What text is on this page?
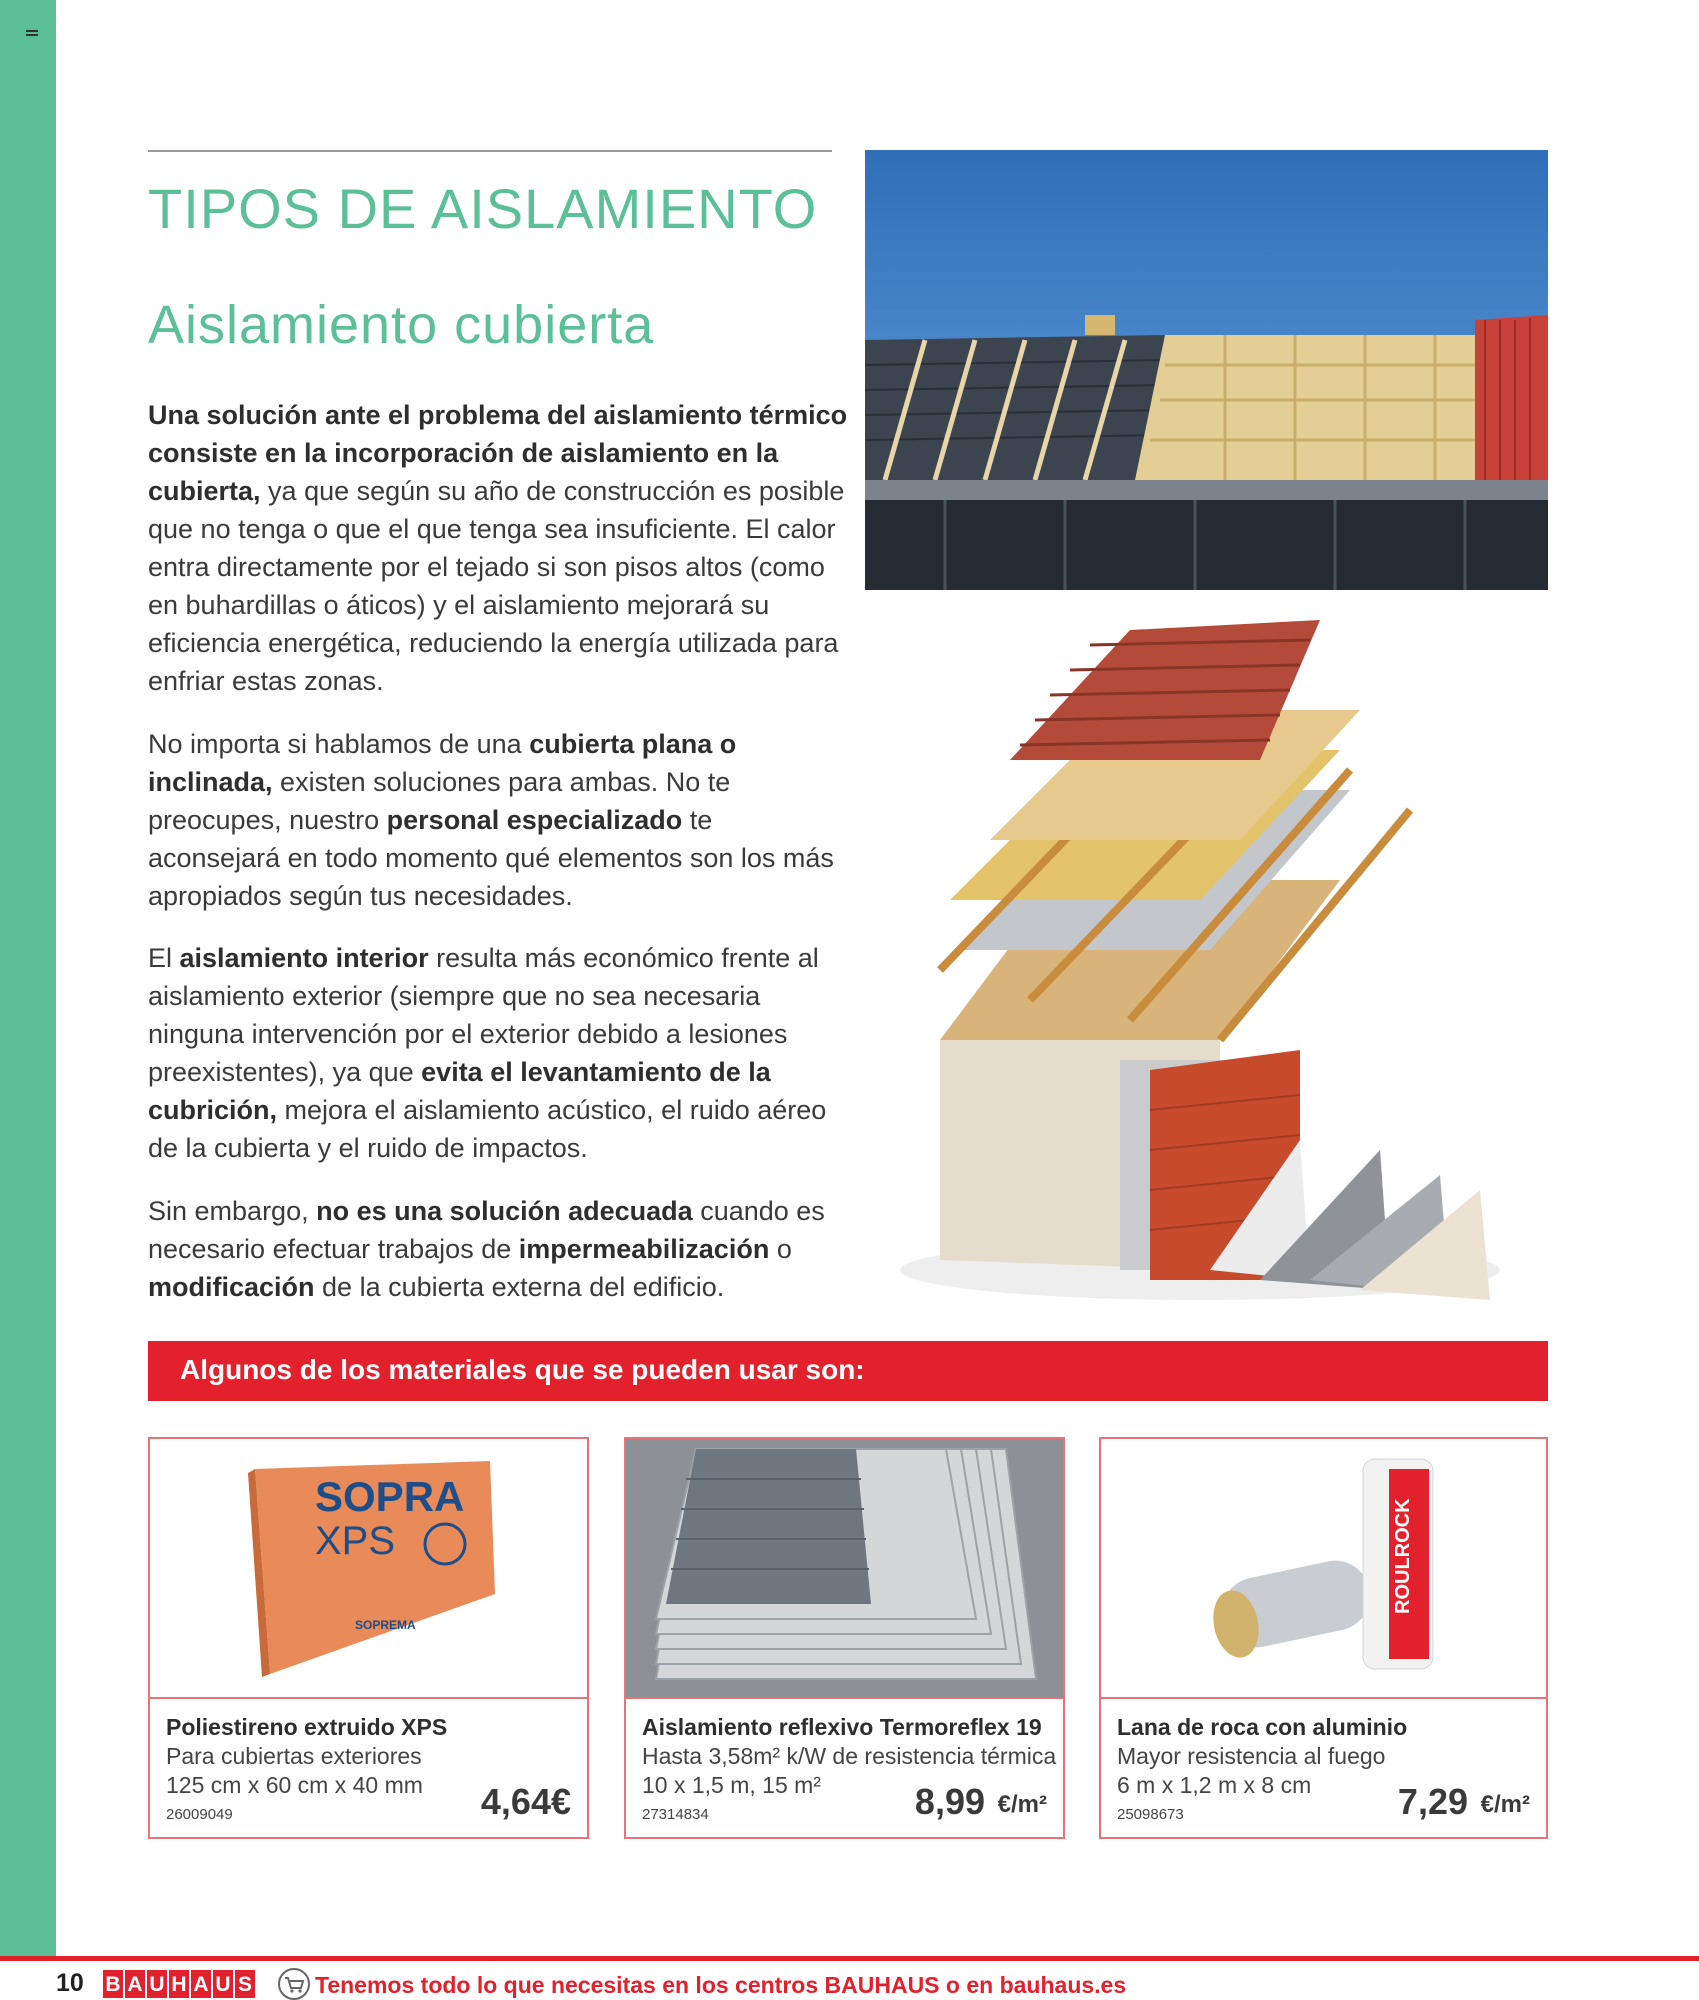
TIPOS DE AISLAMIENTO
Aislamiento cubierta

Una solución ante el problema del aislamiento térmico consiste en la incorporación de aislamiento en la cubierta, ya que según su año de construcción es posible que no tenga o que el que tenga sea insuficiente. El calor entra directamente por el tejado si son pisos altos (como en buhardillas o áticos) y el aislamiento mejorará su eficiencia energética, reduciendo la energía utilizada para enfriar estas zonas.

No importa si hablamos de una cubierta plana o inclinada, existen soluciones para ambas. No te preocupes, nuestro personal especializado te aconsejará en todo momento qué elementos son los más apropiados según tus necesidades.

El aislamiento interior resulta más económico frente al aislamiento exterior (siempre que no sea necesaria ninguna intervención por el exterior debido a lesiones preexistentes), ya que evita el levantamiento de la cubrición, mejora el aislamiento acústico, el ruido aéreo de la cubierta y el ruido de impactos.

Sin embargo, no es una solución adecuada cuando es necesario efectuar trabajos de impermeabilización o modificación de la cubierta externa del edificio.

Algunos de los materiales que se pueden usar son:
SOPRA
XPS
SOPREMA
Poliestireno extruido XPS
Para cubiertas exteriores
125 cm x 60 cm x 40 mm
26009049	4,64€
Aislamiento reflexivo Termoreflex 19
Hasta 3,58m² k/W de resistencia térmica
10 x 1,5 m, 15 m²
27314834	8,99 €/m²
ROULROCK
Lana de roca con aluminio
Mayor resistencia al fuego
6 m x 1,2 m x 8 cm
25098673	7,29 €/m²
10 B A U H A U S	Tenemos todo lo que necesitas en los centros BAUHAUS o en bauhaus.es
